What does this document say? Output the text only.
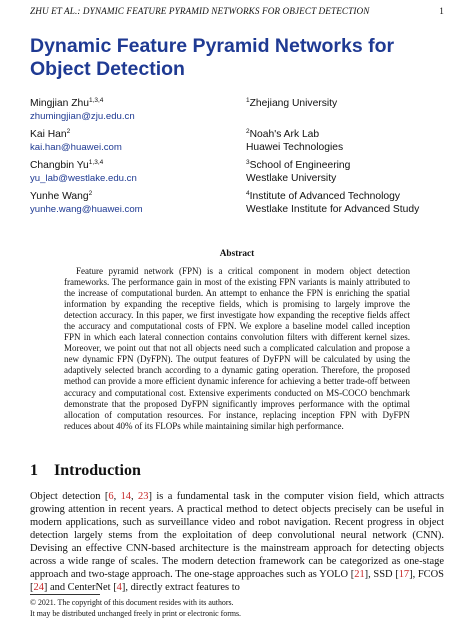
ZHU ET AL.: DYNAMIC FEATURE PYRAMID NETWORKS FOR OBJECT DETECTION	1
Dynamic Feature Pyramid Networks for Object Detection
Mingjian Zhu$^{1,3,4}$
zhumingjian@zju.edu.cn
$^1$Zhejiang University
Kai Han$^2$
kai.han@huawei.com
$^2$Noah's Ark Lab
Huawei Technologies
Changbin Yu$^{1,3,4}$
yu_lab@westlake.edu.cn
$^3$School of Engineering
Westlake University
Yunhe Wang$^2$
yunhe.wang@huawei.com
$^4$Institute of Advanced Technology
Westlake Institute for Advanced Study
Abstract

Feature pyramid network (FPN) is a critical component in modern object detection frameworks. The performance gain in most of the existing FPN variants is mainly attributed to the increase of computational burden. An attempt to enhance the FPN is enriching the spatial information by expanding the receptive fields, which is promising to largely improve the detection accuracy. In this paper, we first investigate how expanding the receptive fields affect the accuracy and computational costs of FPN. We explore a baseline model called inception FPN in which each lateral connection contains convolution filters with different kernel sizes. Moreover, we point out that not all objects need such a complicated calculation and propose a new dynamic FPN (DyFPN). The output features of DyFPN will be calculated by using the adaptively selected branch according to a dynamic gating operation. Therefore, the proposed method can provide a more efficient dynamic inference for achieving a better trade-off between accuracy and computational cost. Extensive experiments conducted on MS-COCO benchmark demonstrate that the proposed DyFPN significantly improves performance with the optimal allocation of computation resources. For instance, replacing inception FPN with DyFPN reduces about 40% of its FLOPs while maintaining similar high performance.

1 Introduction

Object detection [6, 14, 23] is a fundamental task in the computer vision field, which attracts growing attention in recent years. A practical method to detect objects precisely can be useful in modern applications, such as surveillance video and robot navigation. Recent progress in object detection largely stems from the exploitation of deep convolutional neural network (CNN). Devising an effective CNN-based architecture is the mainstream approach for detecting objects across a wide range of scales. The modern detection framework can be categorized as one-stage approach and two-stage approach. The one-stage approaches such as YOLO [21], SSD [17], FCOS [24] and CenterNet [4], directly extract features to

© 2021. The copyright of this document resides with its authors.
It may be distributed unchanged freely in print or electronic forms.
